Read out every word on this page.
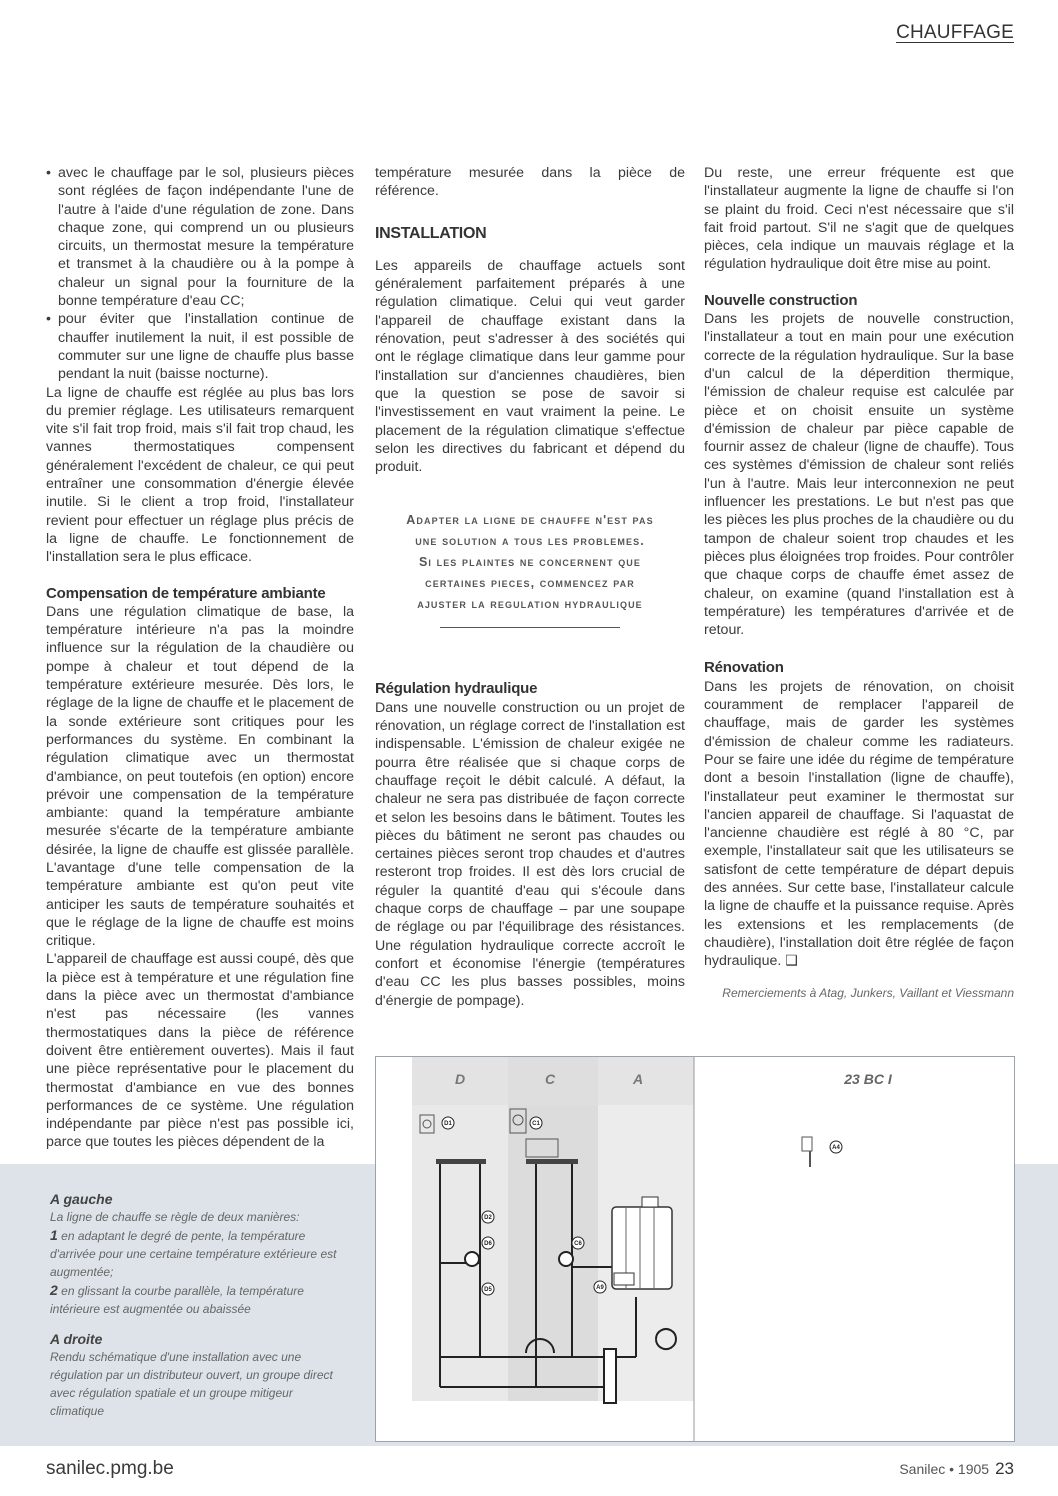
CHAUFFAGE

• avec le chauffage par le sol, plusieurs pièces sont réglées de façon indépendante l'une de l'autre à l'aide d'une régulation de zone. Dans chaque zone, qui comprend un ou plusieurs circuits, un thermostat mesure la température et transmet à la chaudière ou à la pompe à chaleur un signal pour la fourniture de la bonne température d'eau CC;

• pour éviter que l'installation continue de chauffer inutilement la nuit, il est possible de commuter sur une ligne de chauffe plus basse pendant la nuit (baisse nocturne).

La ligne de chauffe est réglée au plus bas lors du premier réglage. Les utilisateurs remarquent vite s'il fait trop froid, mais s'il fait trop chaud, les vannes thermostatiques compensent généralement l'excédent de chaleur, ce qui peut entraîner une consommation d'énergie élevée inutile. Si le client a trop froid, l'installateur revient pour effectuer un réglage plus précis de la ligne de chauffe. Le fonctionnement de l'installation sera le plus efficace.

Compensation de température ambiante

Dans une régulation climatique de base, la température intérieure n'a pas la moindre influence sur la régulation de la chaudière ou pompe à chaleur et tout dépend de la température extérieure mesurée. Dès lors, le réglage de la ligne de chauffe et le placement de la sonde extérieure sont critiques pour les performances du système. En combinant la régulation climatique avec un thermostat d'ambiance, on peut toutefois (en option) encore prévoir une compensation de la température ambiante: quand la température ambiante mesurée s'écarte de la température ambiante désirée, la ligne de chauffe est glissée parallèle. L'avantage d'une telle compensation de la température ambiante est qu'on peut vite anticiper les sauts de température souhaités et que le réglage de la ligne de chauffe est moins critique.

L'appareil de chauffage est aussi coupé, dès que la pièce est à température et une régulation fine dans la pièce avec un thermostat d'ambiance n'est pas nécessaire (les vannes thermostatiques dans la pièce de référence doivent être entièrement ouvertes). Mais il faut une pièce représentative pour le placement du thermostat d'ambiance en vue des bonnes performances de ce système. Une régulation indépendante par pièce n'est pas possible ici, parce que toutes les pièces dépendent de la

température mesurée dans la pièce de référence.

INSTALLATION

Les appareils de chauffage actuels sont généralement parfaitement préparés à une régulation climatique. Celui qui veut garder l'appareil de chauffage existant dans la rénovation, peut s'adresser à des sociétés qui ont le réglage climatique dans leur gamme pour l'installation sur d'anciennes chaudières, bien que la question se pose de savoir si l'investissement en vaut vraiment la peine. Le placement de la régulation climatique s'effectue selon les directives du fabricant et dépend du produit.

Adapter la ligne de chauffe n'est pas
une solution a tous les problemes.
Si les plaintes ne concernent que
certaines pieces, commencez par
ajuster la regulation hydraulique
Régulation hydraulique

Dans une nouvelle construction ou un projet de rénovation, un réglage correct de l'installation est indispensable. L'émission de chaleur exigée ne pourra être réalisée que si chaque corps de chauffage reçoit le débit calculé. A défaut, la chaleur ne sera pas distribuée de façon correcte et selon les besoins dans le bâtiment. Toutes les pièces du bâtiment ne seront pas chaudes ou certaines pièces seront trop chaudes et d'autres resteront trop froides. Il est dès lors crucial de réguler la quantité d'eau qui s'écoule dans chaque corps de chauffage – par une soupape de réglage ou par l'équilibrage des résistances. Une régulation hydraulique correcte accroît le confort et économise l'énergie (températures d'eau CC les plus basses possibles, moins d'énergie de pompage).

Du reste, une erreur fréquente est que l'installateur augmente la ligne de chauffe si l'on se plaint du froid. Ceci n'est nécessaire que s'il fait froid partout. S'il ne s'agit que de quelques pièces, cela indique un mauvais réglage et la régulation hydraulique doit être mise au point.

Nouvelle construction

Dans les projets de nouvelle construction, l'installateur a tout en main pour une exécution correcte de la régulation hydraulique. Sur la base d'un calcul de la déperdition thermique, l'émission de chaleur requise est calculée par pièce et on choisit ensuite un système d'émission de chaleur par pièce capable de fournir assez de chaleur (ligne de chauffe). Tous ces systèmes d'émission de chaleur sont reliés l'un à l'autre. Mais leur interconnexion ne peut influencer les prestations. Le but n'est pas que les pièces les plus proches de la chaudière ou du tampon de chaleur soient trop chaudes et les pièces plus éloignées trop froides. Pour contrôler que chaque corps de chauffe émet assez de chaleur, on examine (quand l'installation est à température) les températures d'arrivée et de retour.

Rénovation

Dans les projets de rénovation, on choisit couramment de remplacer l'appareil de chauffage, mais de garder les systèmes d'émission de chaleur comme les radiateurs. Pour se faire une idée du régime de température dont a besoin l'installation (ligne de chauffe), l'installateur peut examiner le thermostat sur l'ancien appareil de chauffage. Si l'aquastat de l'ancienne chaudière est réglé à 80 °C, par exemple, l'installateur sait que les utilisateurs se satisfont de cette température de départ depuis des années. Sur cette base, l'installateur calcule la ligne de chauffe et la puissance requise. Après les extensions et les remplacements (de chaudière), l'installation doit être réglée de façon hydraulique. ❑

Remerciements à Atag, Junkers, Vaillant et Viessmann
A gauche
La ligne de chauffe se règle de deux manières:
1 en adaptant le degré de pente, la température d'arrivée pour une certaine température extérieure est augmentée;
2 en glissant la courbe parallèle, la température intérieure est augmentée ou abaissée
A droite
Rendu schématique d'une installation avec une régulation par un distributeur ouvert, un groupe direct avec régulation spatiale et un groupe mitigeur climatique
D	C	A	23 BC I
D1	C1
A4
D2
D6
D5
C6
A9
sanilec.pmg.be	Sanilec • 1905 23
